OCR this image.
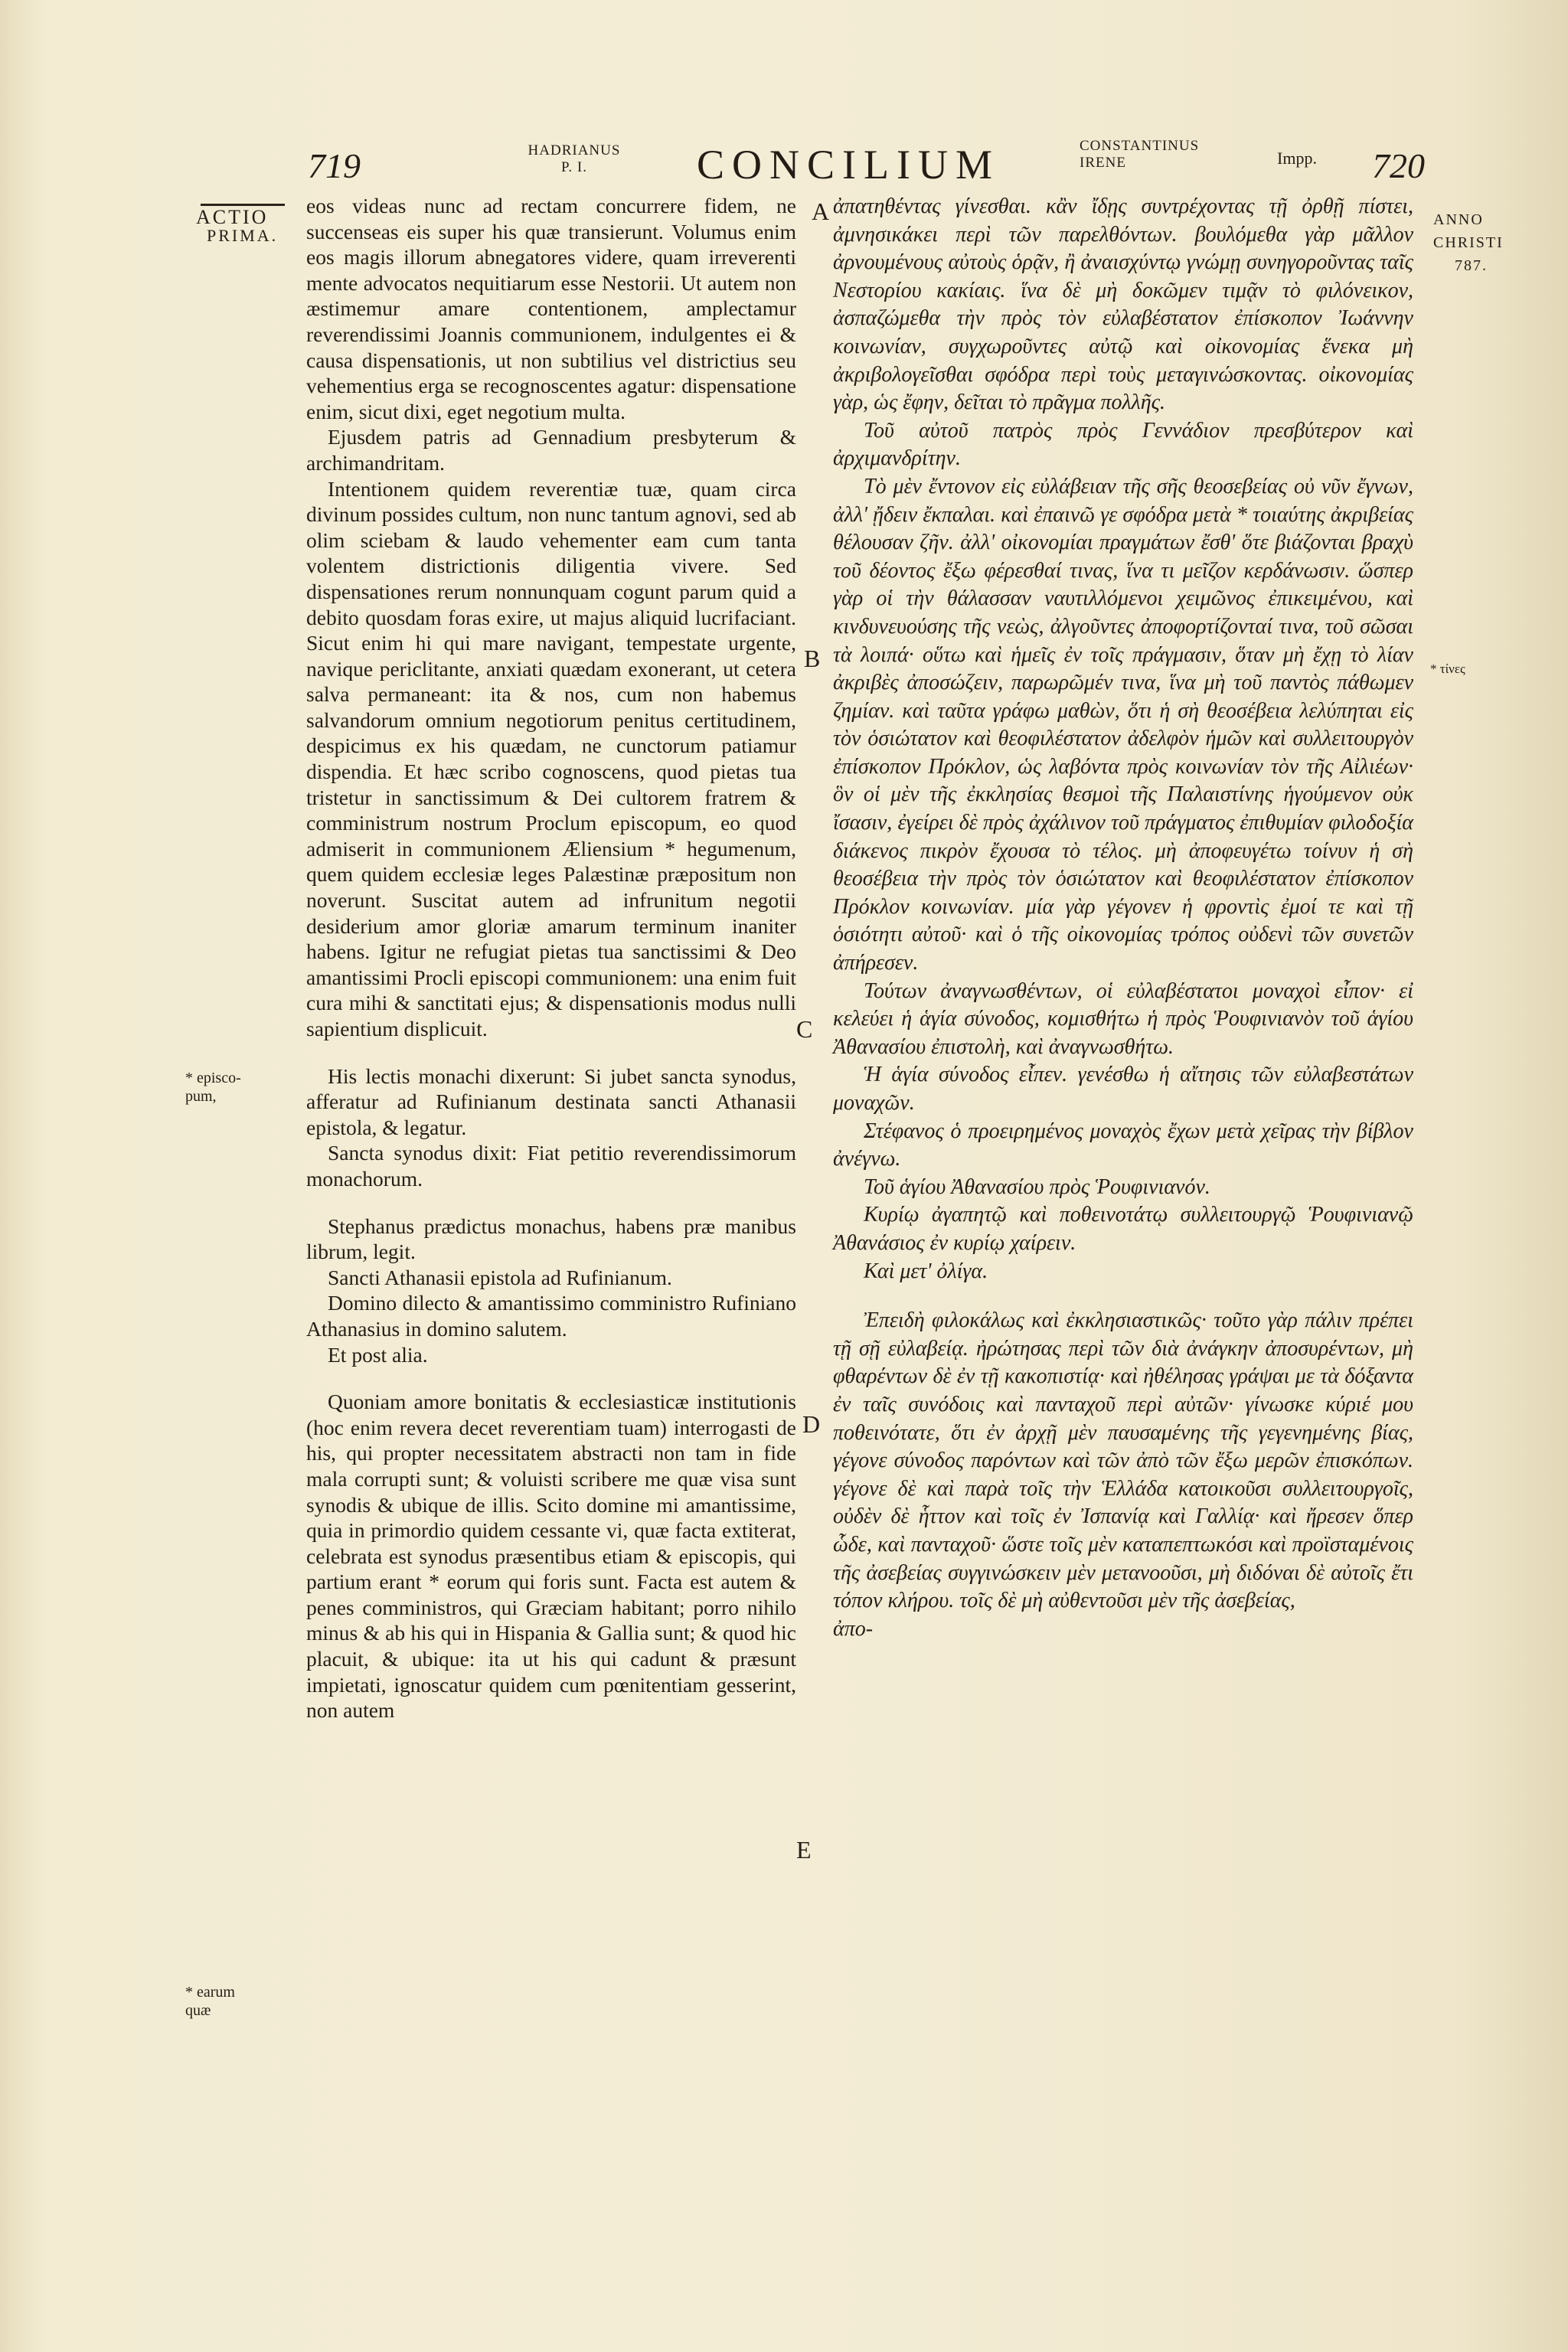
719	HADRIANUS
P. I.	CONCILIUM	CONSTANTINUS
IRENE	Impp. 720
ACTIO
PRIMA.
ANNO
CHRISTI
787.
* episco-
pum,
* earum
quæ
* τίνες
A
B
C
D
E

eos videas nunc ad rectam concurrere fidem, ne succenseas eis super his quæ transierunt. Volumus enim eos magis illorum abnegatores videre, quam irreverenti mente advocatos nequitiarum esse Nestorii. Ut autem non æstimemur amare contentionem, amplectamur reverendissimi Joannis communionem, indulgentes ei & causa dispensationis, ut non subtilius vel districtius seu vehementius erga se recognoscentes agatur: dispensatione enim, sicut dixi, eget negotium multa.

Ejusdem patris ad Gennadium presbyterum & archimandritam.

Intentionem quidem reverentiæ tuæ, quam circa divinum possides cultum, non nunc tantum agnovi, sed ab olim sciebam & laudo vehementer eam cum tanta volentem districtionis diligentia vivere. Sed dispensationes rerum nonnunquam cogunt parum quid a debito quosdam foras exire, ut majus aliquid lucrifaciant. Sicut enim hi qui mare navigant, tempestate urgente, navique periclitante, anxiati quædam exonerant, ut cetera salva permaneant: ita & nos, cum non habemus salvandorum omnium negotiorum penitus certitudinem, despicimus ex his quædam, ne cunctorum patiamur dispendia. Et hæc scribo cognoscens, quod pietas tua tristetur in sanctissimum & Dei cultorem fratrem & comministrum nostrum Proclum episcopum, eo quod admiserit in communionem Æliensium * hegumenum, quem quidem ecclesiæ leges Palæstinæ præpositum non noverunt. Suscitat autem ad infrunitum negotii desiderium amor gloriæ amarum terminum inaniter habens. Igitur ne refugiat pietas tua sanctissimi & Deo amantissimi Procli episcopi communionem: una enim fuit cura mihi & sanctitati ejus; & dispensationis modus nulli sapientium displicuit.

His lectis monachi dixerunt: Si jubet sancta synodus, afferatur ad Rufinianum destinata sancti Athanasii epistola, & legatur.

Sancta synodus dixit: Fiat petitio reverendissimorum monachorum.

Stephanus prædictus monachus, habens præ manibus librum, legit.

Sancti Athanasii epistola ad Rufinianum.

Domino dilecto & amantissimo comministro Rufiniano Athanasius in domino salutem.

Et post alia.

Quoniam amore bonitatis & ecclesiasticæ institutionis (hoc enim revera decet reverentiam tuam) interrogasti de his, qui propter necessitatem abstracti non tam in fide mala corrupti sunt; & voluisti scribere me quæ visa sunt synodis & ubique de illis. Scito domine mi amantissime, quia in primordio quidem cessante vi, quæ facta extiterat, celebrata est synodus præsentibus etiam & episcopis, qui partium erant * eorum qui foris sunt. Facta est autem & penes comministros, qui Græciam habitant; porro nihilo minus & ab his qui in Hispania & Gallia sunt; & quod hic placuit, & ubique: ita ut his qui cadunt & præsunt impietati, ignoscatur quidem cum pœnitentiam gesserint, non autem

ἀπατηθέντας γίνεσθαι. κἂν ἴδῃς συντρέχοντας τῇ ὀρθῇ πίστει, ἀμνησικάκει περὶ τῶν παρελθόντων. βουλόμεθα γὰρ μᾶλλον ἀρνουμένους αὐτοὺς ὁρᾷν, ἢ ἀναισχύντῳ γνώμῃ συνηγοροῦντας ταῖς Νεστορίου κακίαις. ἵνα δὲ μὴ δοκῶμεν τιμᾷν τὸ φιλόνεικον, ἀσπαζώμεθα τὴν πρὸς τὸν εὐλαβέστατον ἐπίσκοπον Ἰωάννην κοινωνίαν, συγχωροῦντες αὐτῷ καὶ οἰκονομίας ἕνεκα μὴ ἀκριβολογεῖσθαι σφόδρα περὶ τοὺς μεταγινώσκοντας. οἰκονομίας γὰρ, ὡς ἔφην, δεῖται τὸ πρᾶγμα πολλῆς.

Τοῦ αὐτοῦ πατρὸς πρὸς Γεννάδιον πρεσβύτερον καὶ ἀρχιμανδρίτην.

Τὸ μὲν ἔντονον εἰς εὐλάβειαν τῆς σῆς θεοσεβείας οὐ νῦν ἔγνων, ἀλλ' ᾔδειν ἔκπαλαι. καὶ ἐπαινῶ γε σφόδρα μετὰ * τοιαύτης ἀκριβείας θέλουσαν ζῆν. ἀλλ' οἰκονομίαι πραγμάτων ἔσθ' ὅτε βιάζονται βραχὺ τοῦ δέοντος ἔξω φέρεσθαί τινας, ἵνα τι μεῖζον κερδάνωσιν. ὥσπερ γὰρ οἱ τὴν θάλασσαν ναυτιλλόμενοι χειμῶνος ἐπικειμένου, καὶ κινδυνευούσης τῆς νεὼς, ἀλγοῦντες ἀποφορτίζονταί τινα, τοῦ σῶσαι τὰ λοιπά· οὕτω καὶ ἡμεῖς ἐν τοῖς πράγμασιν, ὅταν μὴ ἔχῃ τὸ λίαν ἀκριβὲς ἀποσώζειν, παρωρῶμέν τινα, ἵνα μὴ τοῦ παντὸς πάθωμεν ζημίαν. καὶ ταῦτα γράφω μαθὼν, ὅτι ἡ σὴ θεοσέβεια λελύπηται εἰς τὸν ὁσιώτατον καὶ θεοφιλέστατον ἀδελφὸν ἡμῶν καὶ συλλειτουργὸν ἐπίσκοπον Πρόκλον, ὡς λαβόντα πρὸς κοινωνίαν τὸν τῆς Αἰλιέων· ὃν οἱ μὲν τῆς ἐκκλησίας θεσμοὶ τῆς Παλαιστίνης ἡγούμενον οὐκ ἴσασιν, ἐγείρει δὲ πρὸς ἀχάλινον τοῦ πράγματος ἐπιθυμίαν φιλοδοξία διάκενος πικρὸν ἔχουσα τὸ τέλος. μὴ ἀποφευγέτω τοίνυν ἡ σὴ θεοσέβεια τὴν πρὸς τὸν ὁσιώτατον καὶ θεοφιλέστατον ἐπίσκοπον Πρόκλον κοινωνίαν. μία γὰρ γέγονεν ἡ φροντὶς ἐμοί τε καὶ τῇ ὁσιότητι αὐτοῦ· καὶ ὁ τῆς οἰκονομίας τρόπος οὐδενὶ τῶν συνετῶν ἀπήρεσεν.

Τούτων ἀναγνωσθέντων, οἱ εὐλαβέστατοι μοναχοὶ εἶπον· εἰ κελεύει ἡ ἁγία σύνοδος, κομισθήτω ἡ πρὸς Ῥουφινιανὸν τοῦ ἁγίου Ἀθανασίου ἐπιστολὴ, καὶ ἀναγνωσθήτω.

Ἡ ἁγία σύνοδος εἶπεν. γενέσθω ἡ αἴτησις τῶν εὐλαβεστάτων μοναχῶν.

Στέφανος ὁ προειρημένος μοναχὸς ἔχων μετὰ χεῖρας τὴν βίβλον ἀνέγνω.

Τοῦ ἁγίου Ἀθανασίου πρὸς Ῥουφινιανόν.

Κυρίῳ ἀγαπητῷ καὶ ποθεινοτάτῳ συλλειτουργῷ Ῥουφινιανῷ Ἀθανάσιος ἐν κυρίῳ χαίρειν.

Καὶ μετ' ὀλίγα.

Ἐπειδὴ φιλοκάλως καὶ ἐκκλησιαστικῶς· τοῦτο γὰρ πάλιν πρέπει τῇ σῇ εὐλαβείᾳ. ἠρώτησας περὶ τῶν διὰ ἀνάγκην ἀποσυρέντων, μὴ φθαρέντων δὲ ἐν τῇ κακοπιστίᾳ· καὶ ἠθέλησας γράψαι με τὰ δόξαντα ἐν ταῖς συνόδοις καὶ πανταχοῦ περὶ αὐτῶν· γίνωσκε κύριέ μου ποθεινότατε, ὅτι ἐν ἀρχῇ μὲν παυσαμένης τῆς γεγενημένης βίας, γέγονε σύνοδος παρόντων καὶ τῶν ἀπὸ τῶν ἔξω μερῶν ἐπισκόπων. γέγονε δὲ καὶ παρὰ τοῖς τὴν Ἑλλάδα κατοικοῦσι συλλειτουργοῖς, οὐδὲν δὲ ἧττον καὶ τοῖς ἐν Ἰσπανίᾳ καὶ Γαλλίᾳ· καὶ ἤρεσεν ὅπερ ὧδε, καὶ πανταχοῦ· ὥστε τοῖς μὲν καταπεπτωκόσι καὶ προϊσταμένοις τῆς ἀσεβείας συγγινώσκειν μὲν μετανοοῦσι, μὴ διδόναι δὲ αὐτοῖς ἔτι τόπον κλήρου. τοῖς δὲ μὴ αὐθεντοῦσι μὲν τῆς ἀσεβείας,

ἀπο-
